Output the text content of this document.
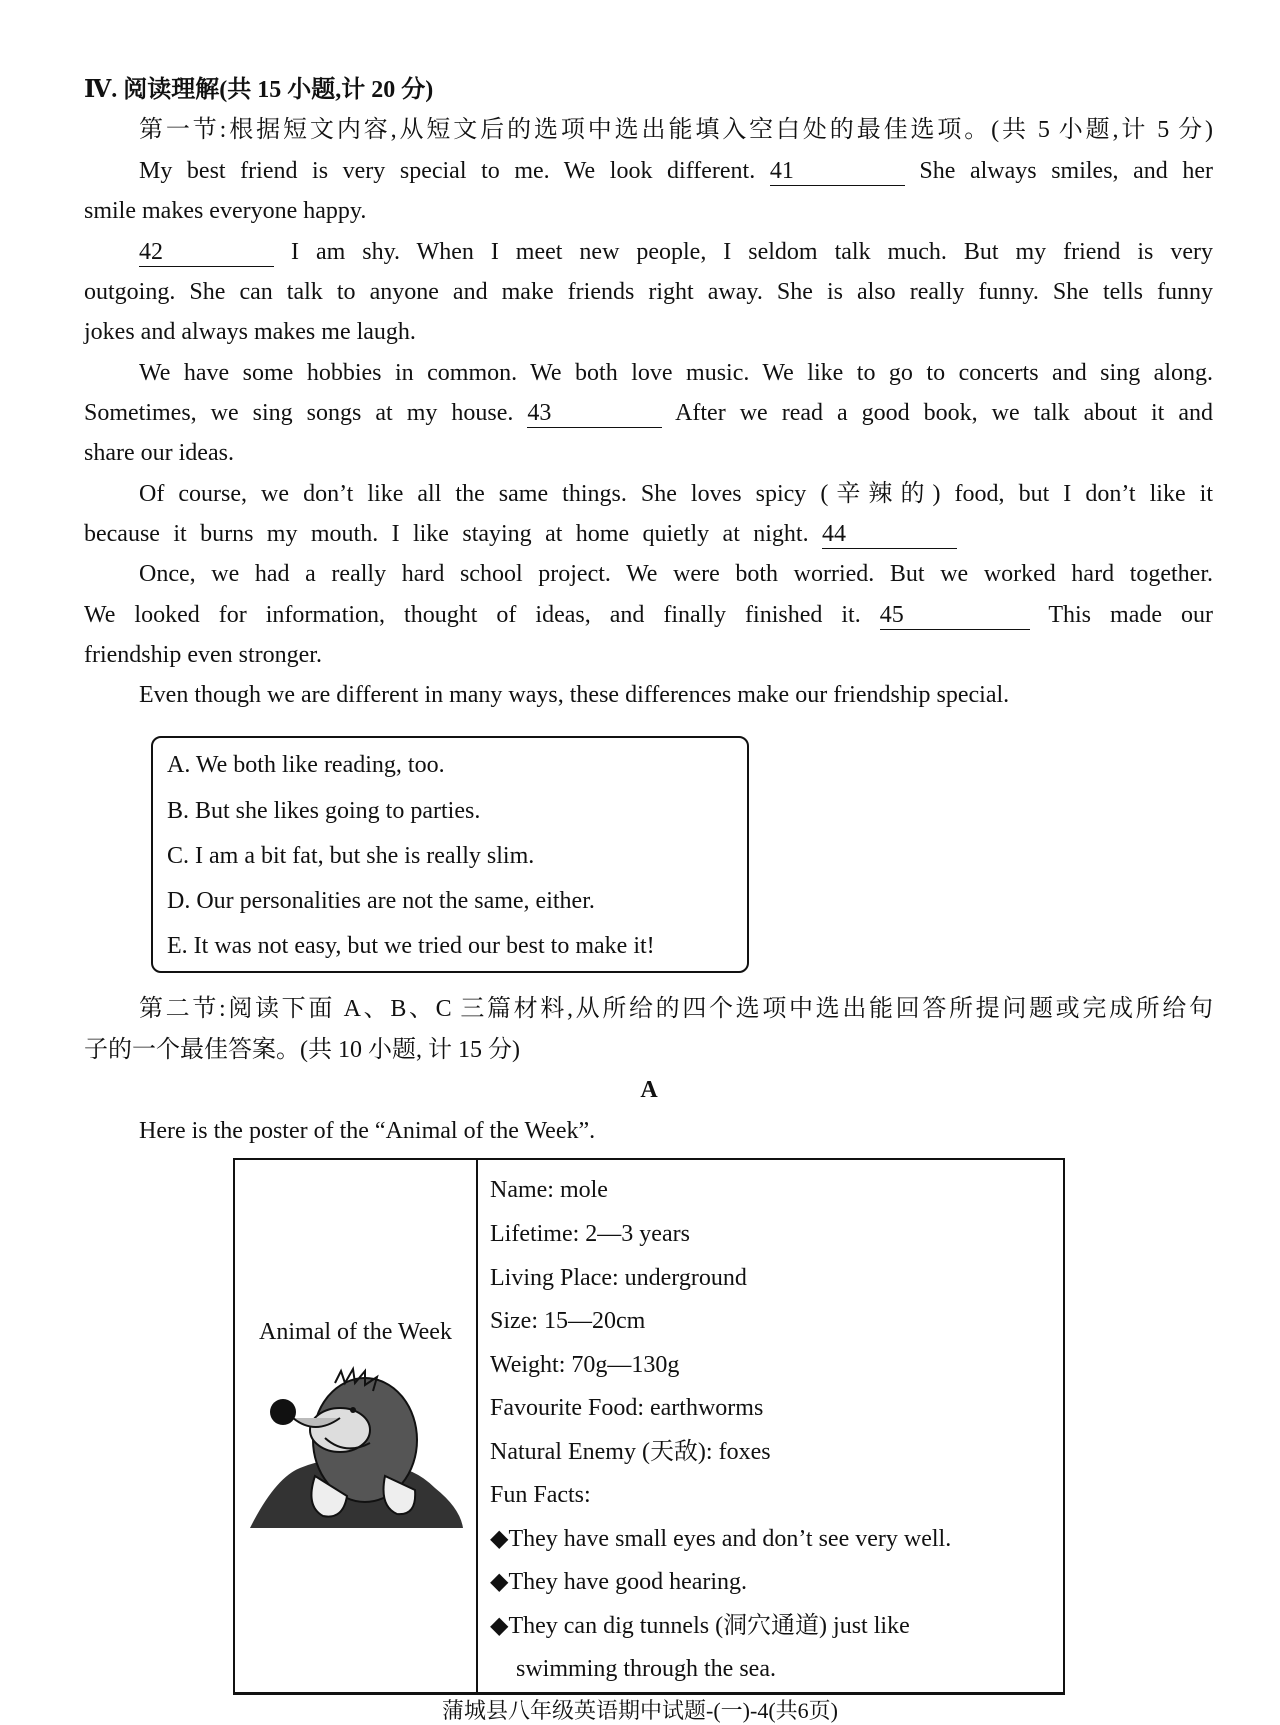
Ⅳ. 阅读理解(共 15 小题,计 20 分)
第一节:根据短文内容,从短文后的选项中选出能填入空白处的最佳选项。(共 5 小题,计 5 分)
My best friend is very special to me. We look different. 41	She always smiles, and her
smile makes everyone happy.
42	I am shy. When I meet new people, I seldom talk much. But my friend is very
outgoing. She can talk to anyone and make friends right away. She is also really funny. She tells funny
jokes and always makes me laugh.
We have some hobbies in common. We both love music. We like to go to concerts and sing along.
Sometimes, we sing songs at my house. 43	After we read a good book, we talk about it and
share our ideas.
Of course, we don’t like all the same things. She loves spicy (辛辣的) food, but I don’t like it
because it burns my mouth. I like staying at home quietly at night. 44
Once, we had a really hard school project. We were both worried. But we worked hard together.
We looked for information, thought of ideas, and finally finished it. 45	This made our
friendship even stronger.
Even though we are different in many ways, these differences make our friendship special.
A. We both like reading, too.
B. But she likes going to parties.
C. I am a bit fat, but she is really slim.
D. Our personalities are not the same, either.
E. It was not easy, but we tried our best to make it!
第二节:阅读下面 A、B、C 三篇材料,从所给的四个选项中选出能回答所提问题或完成所给句
子的一个最佳答案。(共 10 小题, 计 15 分)
A
Here is the poster of the “Animal of the Week”.
Animal of the Week
Name: mole
Lifetime: 2—3 years
Living Place: underground
Size: 15—20cm
Weight: 70g—130g
Favourite Food: earthworms
Natural Enemy (天敌): foxes
Fun Facts:
◆They have small eyes and don’t see very well.
◆They have good hearing.
◆They can dig tunnels (洞穴通道) just like
swimming through the sea.
蒲城县八年级英语期中试题-(一)-4(共6页)
